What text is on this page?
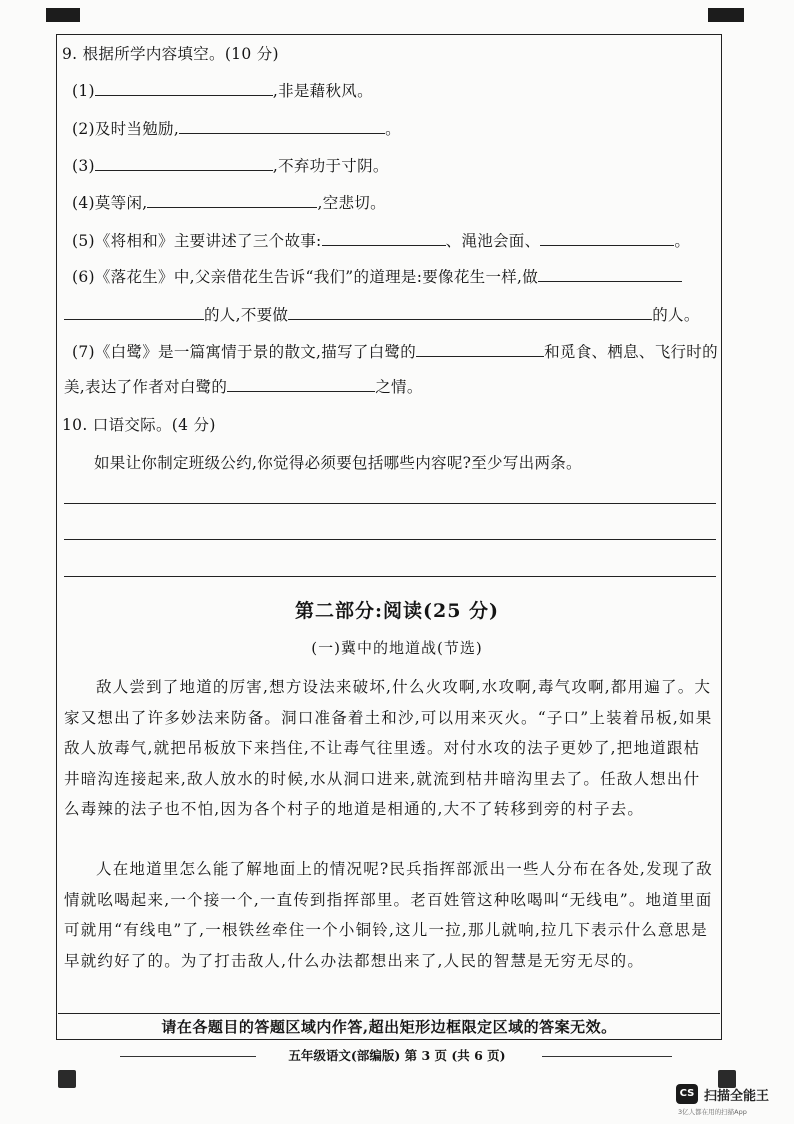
9. 根据所学内容填空。(10 分)
(1)	,非是藉秋风。
(2)及时当勉励,	。
(3)	,不弃功于寸阴。
(4)莫等闲,	,空悲切。
(5)《将相和》主要讲述了三个故事:	、渑池会面、	。
(6)《落花生》中,父亲借花生告诉“我们”的道理是:要像花生一样,做
的人,不要做	的人。
(7)《白鹭》是一篇寓情于景的散文,描写了白鹭的	和觅食、栖息、飞行时的
美,表达了作者对白鹭的	之情。
10. 口语交际。(4 分)
如果让你制定班级公约,你觉得必须要包括哪些内容呢?至少写出两条。
第二部分:阅读(25 分)
(一)冀中的地道战(节选)
敌人尝到了地道的厉害,想方设法来破坏,什么火攻啊,水攻啊,毒气攻啊,都用遍了。大家又想出了许多妙法来防备。洞口准备着土和沙,可以用来灭火。“子口”上装着吊板,如果敌人放毒气,就把吊板放下来挡住,不让毒气往里透。对付水攻的法子更妙了,把地道跟枯井暗沟连接起来,敌人放水的时候,水从洞口进来,就流到枯井暗沟里去了。任敌人想出什么毒辣的法子也不怕,因为各个村子的地道是相通的,大不了转移到旁的村子去。
人在地道里怎么能了解地面上的情况呢?民兵指挥部派出一些人分布在各处,发现了敌情就吆喝起来,一个接一个,一直传到指挥部里。老百姓管这种吆喝叫“无线电”。地道里面可就用“有线电”了,一根铁丝牵住一个小铜铃,这儿一拉,那儿就响,拉几下表示什么意思是早就约好了的。为了打击敌人,什么办法都想出来了,人民的智慧是无穷无尽的。
请在各题目的答题区域内作答,超出矩形边框限定区域的答案无效。
五年级语文(部编版) 第 3 页 (共 6 页)
CS 扫描全能王
3亿人都在用的扫描App
